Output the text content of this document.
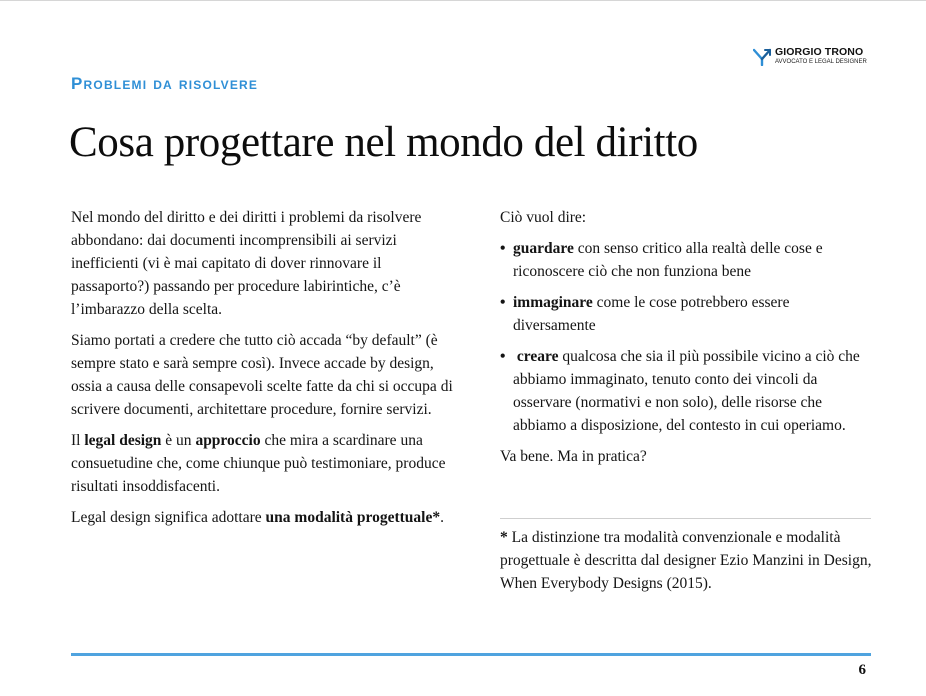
GIORGIO TRONO
AVVOCATO E LEGAL DESIGNER
Problemi da risolvere
Cosa progettare nel mondo del diritto

Nel mondo del diritto e dei diritti i problemi da risolvere abbondano: dai documenti incomprensibili ai servizi inefficienti (vi è mai capitato di dover rinnovare il passaporto?) passando per procedure labirintiche, c’è l’imbarazzo della scelta.

Siamo portati a credere che tutto ciò accada “by default” (è sempre stato e sarà sempre così). Invece accade by design, ossia a causa delle consapevoli scelte fatte da chi si occupa di scrivere documenti, architettare procedure, fornire servizi.

Il legal design è un approccio che mira a scardinare una consuetudine che, come chiunque può testimoniare, produce risultati insoddisfacenti.

Legal design significa adottare una modalità progettuale*.

Ciò vuol dire:

• guardare con senso critico alla realtà delle cose e riconoscere ciò che non funziona bene
• immaginare come le cose potrebbero essere diversamente
• creare qualcosa che sia il più possibile vicino a ciò che abbiamo immaginato, tenuto conto dei vincoli da osservare (normativi e non solo), delle risorse che abbiamo a disposizione, del contesto in cui operiamo.

Va bene. Ma in pratica?

* La distinzione tra modalità convenzionale e modalità progettuale è descritta dal designer Ezio Manzini in Design, When Everybody Designs (2015).

6
